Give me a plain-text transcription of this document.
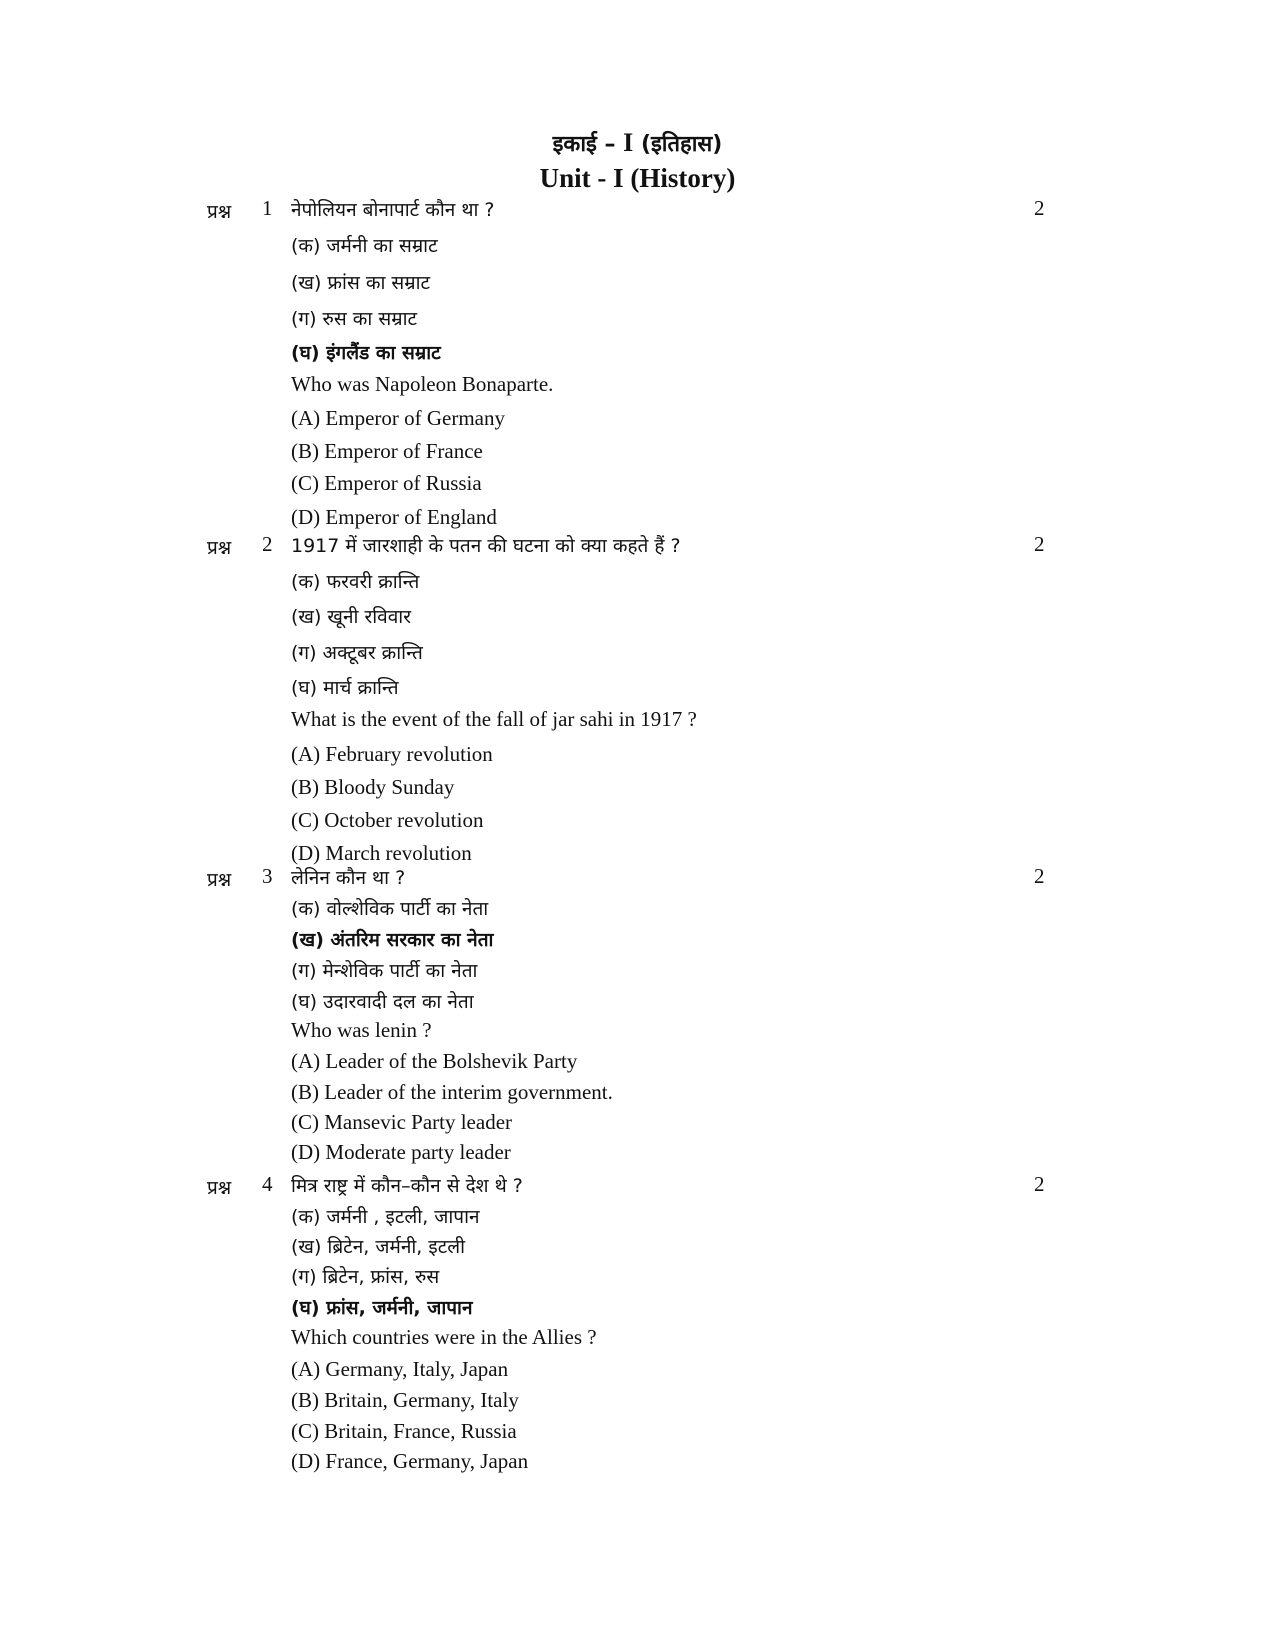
इकाई – I (इतिहास)
Unit - I (History)
प्रश्न 1 नेपोलियन बोनापार्ट कौन था ?	2
(क) जर्मनी का सम्राट
(ख) फ्रांस का सम्राट
(ग) रुस का सम्राट
(घ) इंगलैंड का सम्राट
Who was Napoleon Bonaparte.
(A) Emperor of Germany
(B) Emperor of France
(C) Emperor of Russia
(D) Emperor of England
प्रश्न 2 1917 में जारशाही के पतन की घटना को क्या कहते हैं ?	2
(क) फरवरी क्रान्ति
(ख) खूनी रविवार
(ग) अक्टूबर क्रान्ति
(घ) मार्च क्रान्ति
What is the event of the fall of jar sahi in 1917 ?
(A) February revolution
(B) Bloody Sunday
(C) October revolution
(D) March revolution
प्रश्न 3 लेनिन कौन था ?	2
(क) वोल्शेविक पार्टी का नेता
(ख) अंतरिम सरकार का नेता
(ग) मेन्शेविक पार्टी का नेता
(घ) उदारवादी दल का नेता
Who was lenin ?
(A) Leader of the Bolshevik Party
(B) Leader of the interim government.
(C) Mansevic Party leader
(D) Moderate party leader
प्रश्न 4 मित्र राष्ट्र में कौन–कौन से देश थे ?	2
(क) जर्मनी , इटली, जापान
(ख) ब्रिटेन, जर्मनी, इटली
(ग) ब्रिटेन, फ्रांस, रुस
(घ) फ्रांस, जर्मनी, जापान
Which countries were in the Allies ?
(A) Germany, Italy, Japan
(B) Britain, Germany, Italy
(C) Britain, France, Russia
(D) France, Germany, Japan
